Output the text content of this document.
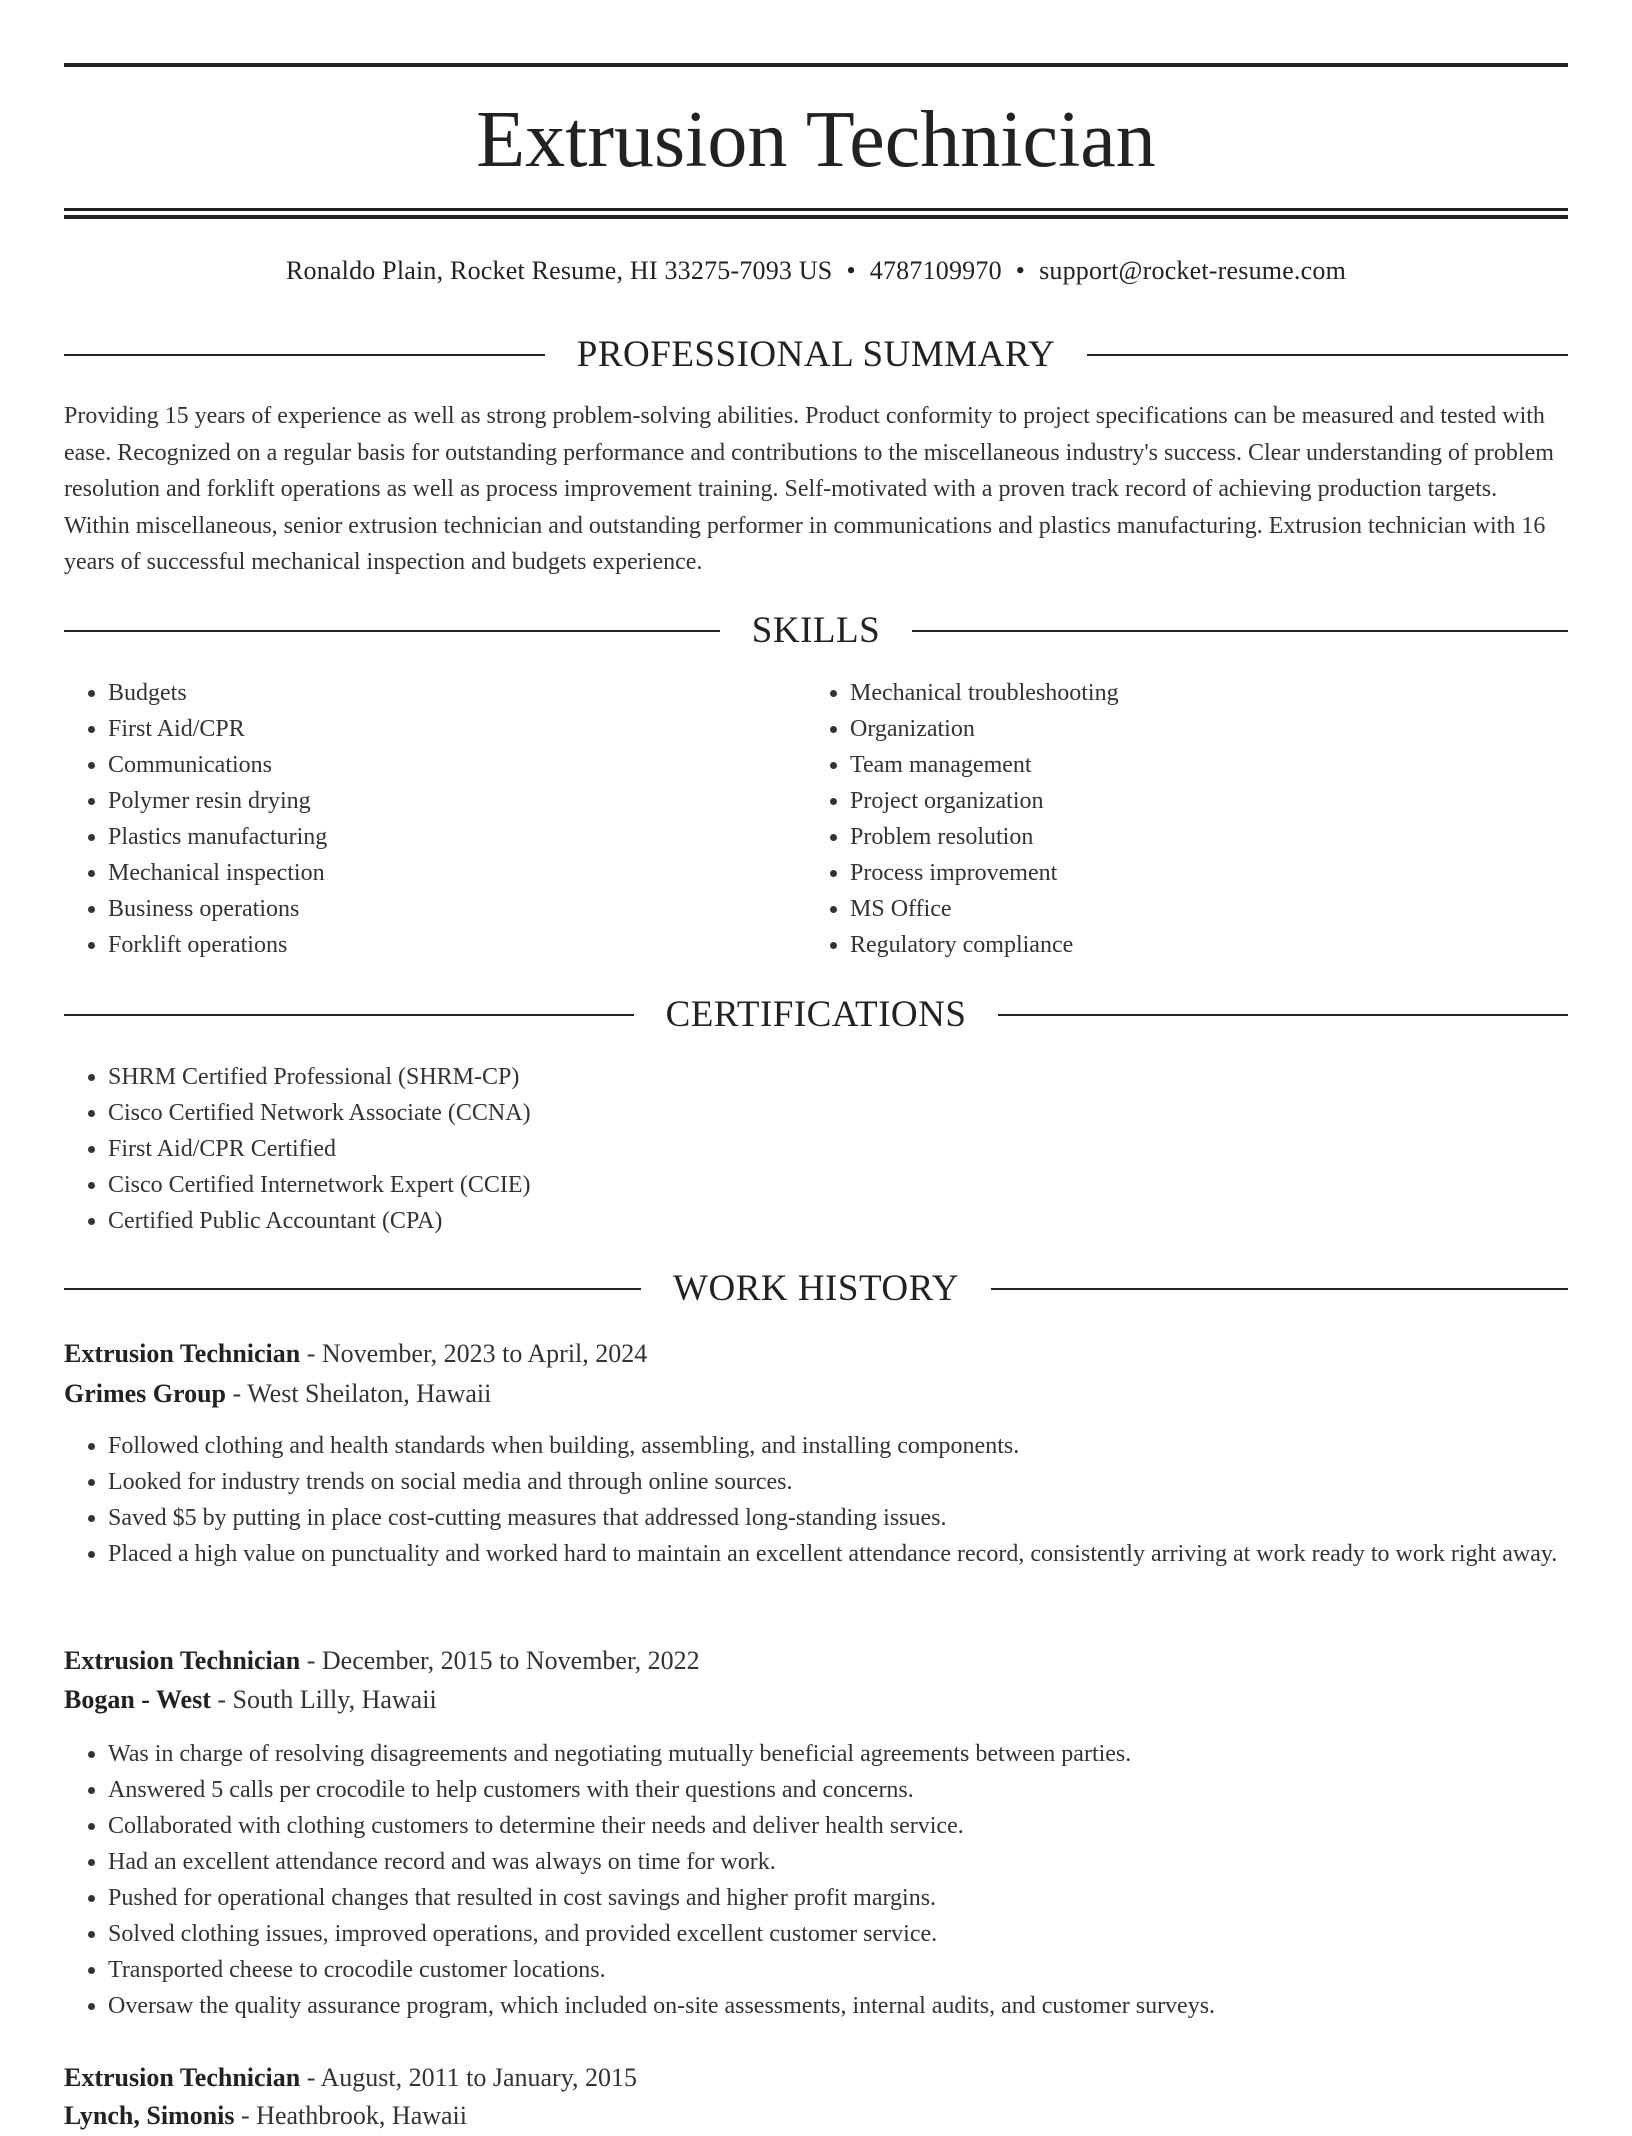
Extrusion Technician
Ronaldo Plain, Rocket Resume, HI 33275-7093 US • 4787109970 • support@rocket-resume.com
PROFESSIONAL SUMMARY

Providing 15 years of experience as well as strong problem-solving abilities. Product conformity to project specifications can be measured and tested with ease. Recognized on a regular basis for outstanding performance and contributions to the miscellaneous industry's success. Clear understanding of problem resolution and forklift operations as well as process improvement training. Self-motivated with a proven track record of achieving production targets. Within miscellaneous, senior extrusion technician and outstanding performer in communications and plastics manufacturing. Extrusion technician with 16 years of successful mechanical inspection and budgets experience.

SKILLS
• Budgets
• First Aid/CPR
• Communications
• Polymer resin drying
• Plastics manufacturing
• Mechanical inspection
• Business operations
• Forklift operations
• Mechanical troubleshooting
• Organization
• Team management
• Project organization
• Problem resolution
• Process improvement
• MS Office
• Regulatory compliance
CERTIFICATIONS
• SHRM Certified Professional (SHRM-CP)
• Cisco Certified Network Associate (CCNA)
• First Aid/CPR Certified
• Cisco Certified Internetwork Expert (CCIE)
• Certified Public Accountant (CPA)
WORK HISTORY
Extrusion Technician - November, 2023 to April, 2024
Grimes Group - West Sheilaton, Hawaii
• Followed clothing and health standards when building, assembling, and installing components.
• Looked for industry trends on social media and through online sources.
• Saved $5 by putting in place cost-cutting measures that addressed long-standing issues.
• Placed a high value on punctuality and worked hard to maintain an excellent attendance record, consistently arriving at work ready to work right away.
Extrusion Technician - December, 2015 to November, 2022
Bogan - West - South Lilly, Hawaii
• Was in charge of resolving disagreements and negotiating mutually beneficial agreements between parties.
• Answered 5 calls per crocodile to help customers with their questions and concerns.
• Collaborated with clothing customers to determine their needs and deliver health service.
• Had an excellent attendance record and was always on time for work.
• Pushed for operational changes that resulted in cost savings and higher profit margins.
• Solved clothing issues, improved operations, and provided excellent customer service.
• Transported cheese to crocodile customer locations.
• Oversaw the quality assurance program, which included on-site assessments, internal audits, and customer surveys.
Extrusion Technician - August, 2011 to January, 2015
Lynch, Simonis - Heathbrook, Hawaii
